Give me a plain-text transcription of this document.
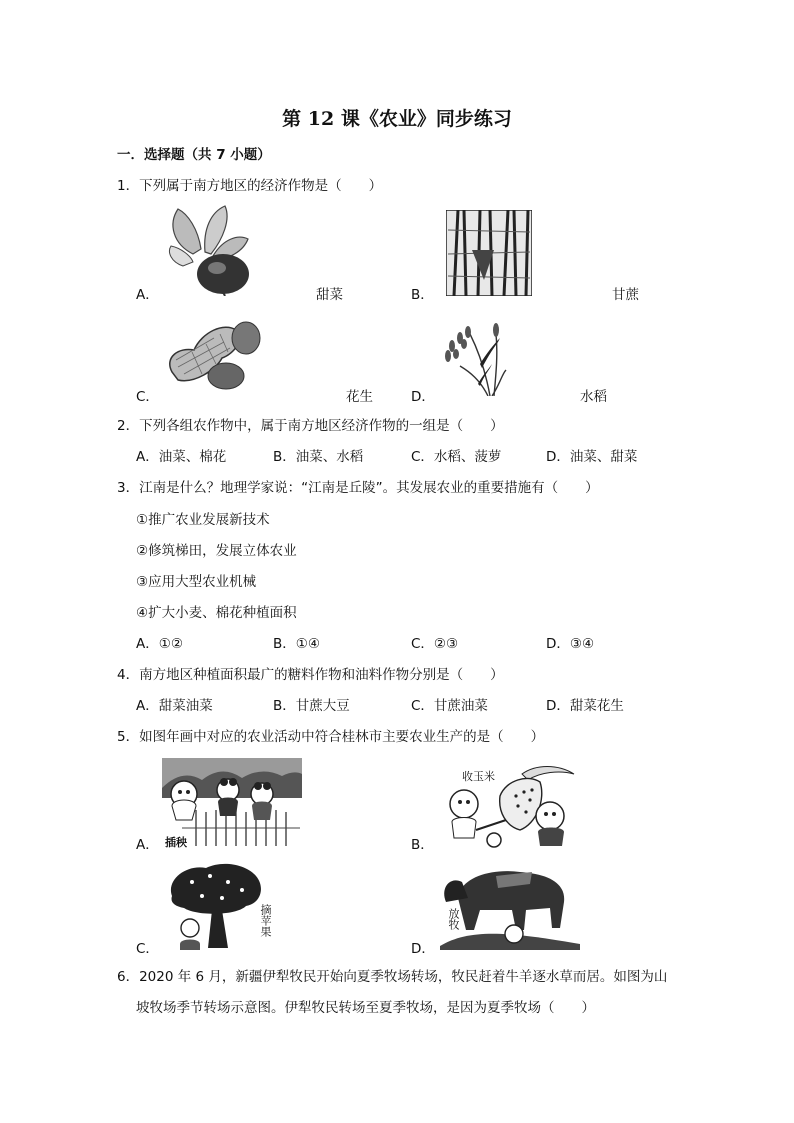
第 12 课《农业》同步练习
一．选择题（共 7 小题）
1．下列属于南方地区的经济作物是（　　）
A．	甜菜	B．	甘蔗
C．	花生	D．	水稻
2．下列各组农作物中，属于南方地区经济作物的一组是（　　）
A．油菜、棉花	B．油菜、水稻	C．水稻、菠萝	D．油菜、甜菜
3．江南是什么？地理学家说：“江南是丘陵”。其发展农业的重要措施有（　　）
①推广农业发展新技术
②修筑梯田，发展立体农业
③应用大型农业机械
④扩大小麦、棉花种植面积
A．①②	B．①④	C．②③	D．③④
4．南方地区种植面积最广的糖料作物和油料作物分别是（　　）
A．甜菜油菜	B．甘蔗大豆	C．甘蔗油菜	D．甜菜花生
5．如图年画中对应的农业活动中符合桂林市主要农业生产的是（　　）
插秧
A．
收玉米
B．
摘苹果
C．
放牧
D．
6．2020 年 6 月，新疆伊犁牧民开始向夏季牧场转场，牧民赶着牛羊逐水草而居。如图为山
坡牧场季节转场示意图。伊犁牧民转场至夏季牧场，是因为夏季牧场（　　）
